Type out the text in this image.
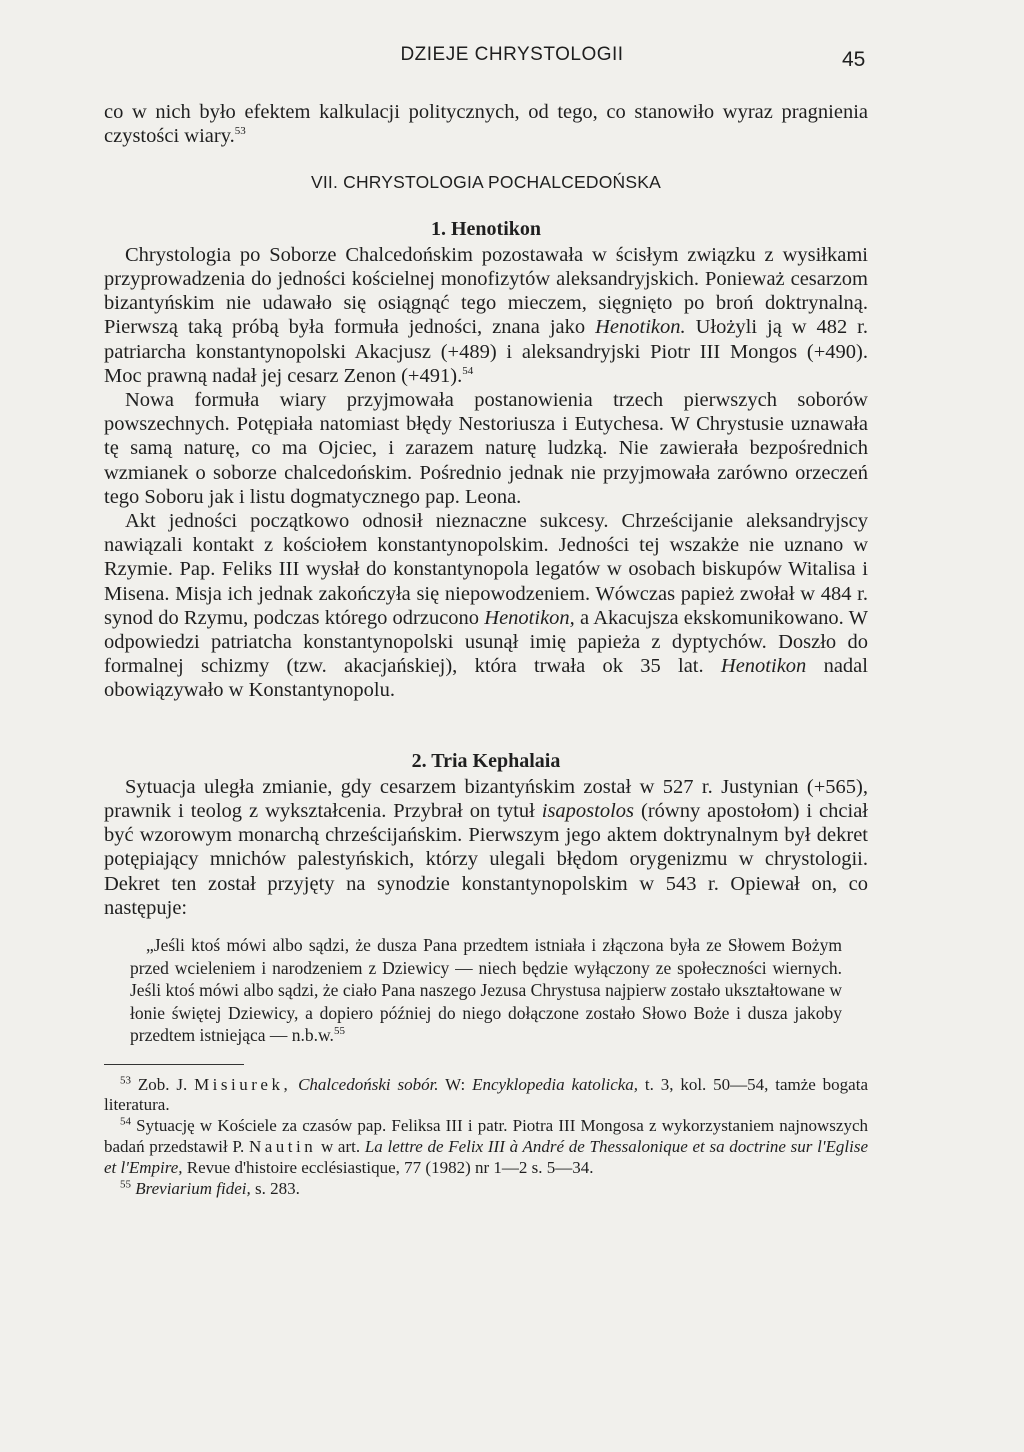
DZIEJE CHRYSTOLOGII	45

co w nich było efektem kalkulacji politycznych, od tego, co stanowiło wyraz pragnienia czystości wiary.$^{53}$

VII. CHRYSTOLOGIA POCHALCEDOŃSKA
1. Henotikon

Chrystologia po Soborze Chalcedońskim pozostawała w ścisłym związku z wysiłkami przyprowadzenia do jedności kościelnej monofizytów aleksandryjskich. Ponieważ cesarzom bizantyńskim nie udawało się osiągnąć tego mieczem, sięgnięto po broń doktrynalną. Pierwszą taką próbą była formuła jedności, znana jako Henotikon. Ułożyli ją w 482 r. patriarcha konstantynopolski Akacjusz (+489) i aleksandryjski Piotr III Mongos (+490). Moc prawną nadał jej cesarz Zenon (+491).$^{54}$

Nowa formuła wiary przyjmowała postanowienia trzech pierwszych soborów powszechnych. Potępiała natomiast błędy Nestoriusza i Eutychesa. W Chrystusie uznawała tę samą naturę, co ma Ojciec, i zarazem naturę ludzką. Nie zawierała bezpośrednich wzmianek o soborze chalcedońskim. Pośrednio jednak nie przyjmowała zarówno orzeczeń tego Soboru jak i listu dogmatycznego pap. Leona.

Akt jedności początkowo odnosił nieznaczne sukcesy. Chrześcijanie aleksandryjscy nawiązali kontakt z kościołem konstantynopolskim. Jedności tej wszakże nie uznano w Rzymie. Pap. Feliks III wysłał do konstantynopola legatów w osobach biskupów Witalisa i Misena. Misja ich jednak zakończyła się niepowodzeniem. Wówczas papież zwołał w 484 r. synod do Rzymu, podczas którego odrzucono Henotikon, a Akacujsza ekskomunikowano. W odpowiedzi patriatcha konstantynopolski usunął imię papieża z dyptychów. Doszło do formalnej schizmy (tzw. akacjańskiej), która trwała ok 35 lat. Henotikon nadal obowiązywało w Konstantynopolu.

2. Tria Kephalaia

Sytuacja uległa zmianie, gdy cesarzem bizantyńskim został w 527 r. Justynian (+565), prawnik i teolog z wykształcenia. Przybrał on tytuł isapostolos (równy apostołom) i chciał być wzorowym monarchą chrześcijańskim. Pierwszym jego aktem doktrynalnym był dekret potępiający mnichów palestyńskich, którzy ulegali błędom orygenizmu w chrystologii. Dekret ten został przyjęty na synodzie konstantynopolskim w 543 r. Opiewał on, co następuje:

„Jeśli ktoś mówi albo sądzi, że dusza Pana przedtem istniała i złączona była ze Słowem Bożym przed wcieleniem i narodzeniem z Dziewicy — niech będzie wyłączony ze społeczności wiernych. Jeśli ktoś mówi albo sądzi, że ciało Pana naszego Jezusa Chrystusa najpierw zostało ukształtowane w łonie świętej Dziewicy, a dopiero później do niego dołączone zostało Słowo Boże i dusza jakoby przedtem istniejąca — n.b.w.$^{55}$

$^{53}$ Zob. J. Misiurek, Chalcedoński sobór. W: Encyklopedia katolicka, t. 3, kol. 50—54, tamże bogata literatura.

$^{54}$ Sytuację w Kościele za czasów pap. Feliksa III i patr. Piotra III Mongosa z wykorzystaniem najnowszych badań przedstawił P. Nautin w art. La lettre de Felix III à André de Thessalonique et sa doctrine sur l'Eglise et l'Empire, Revue d'histoire ecclésiastique, 77 (1982) nr 1—2 s. 5—34.

$^{55}$ Breviarium fidei, s. 283.
